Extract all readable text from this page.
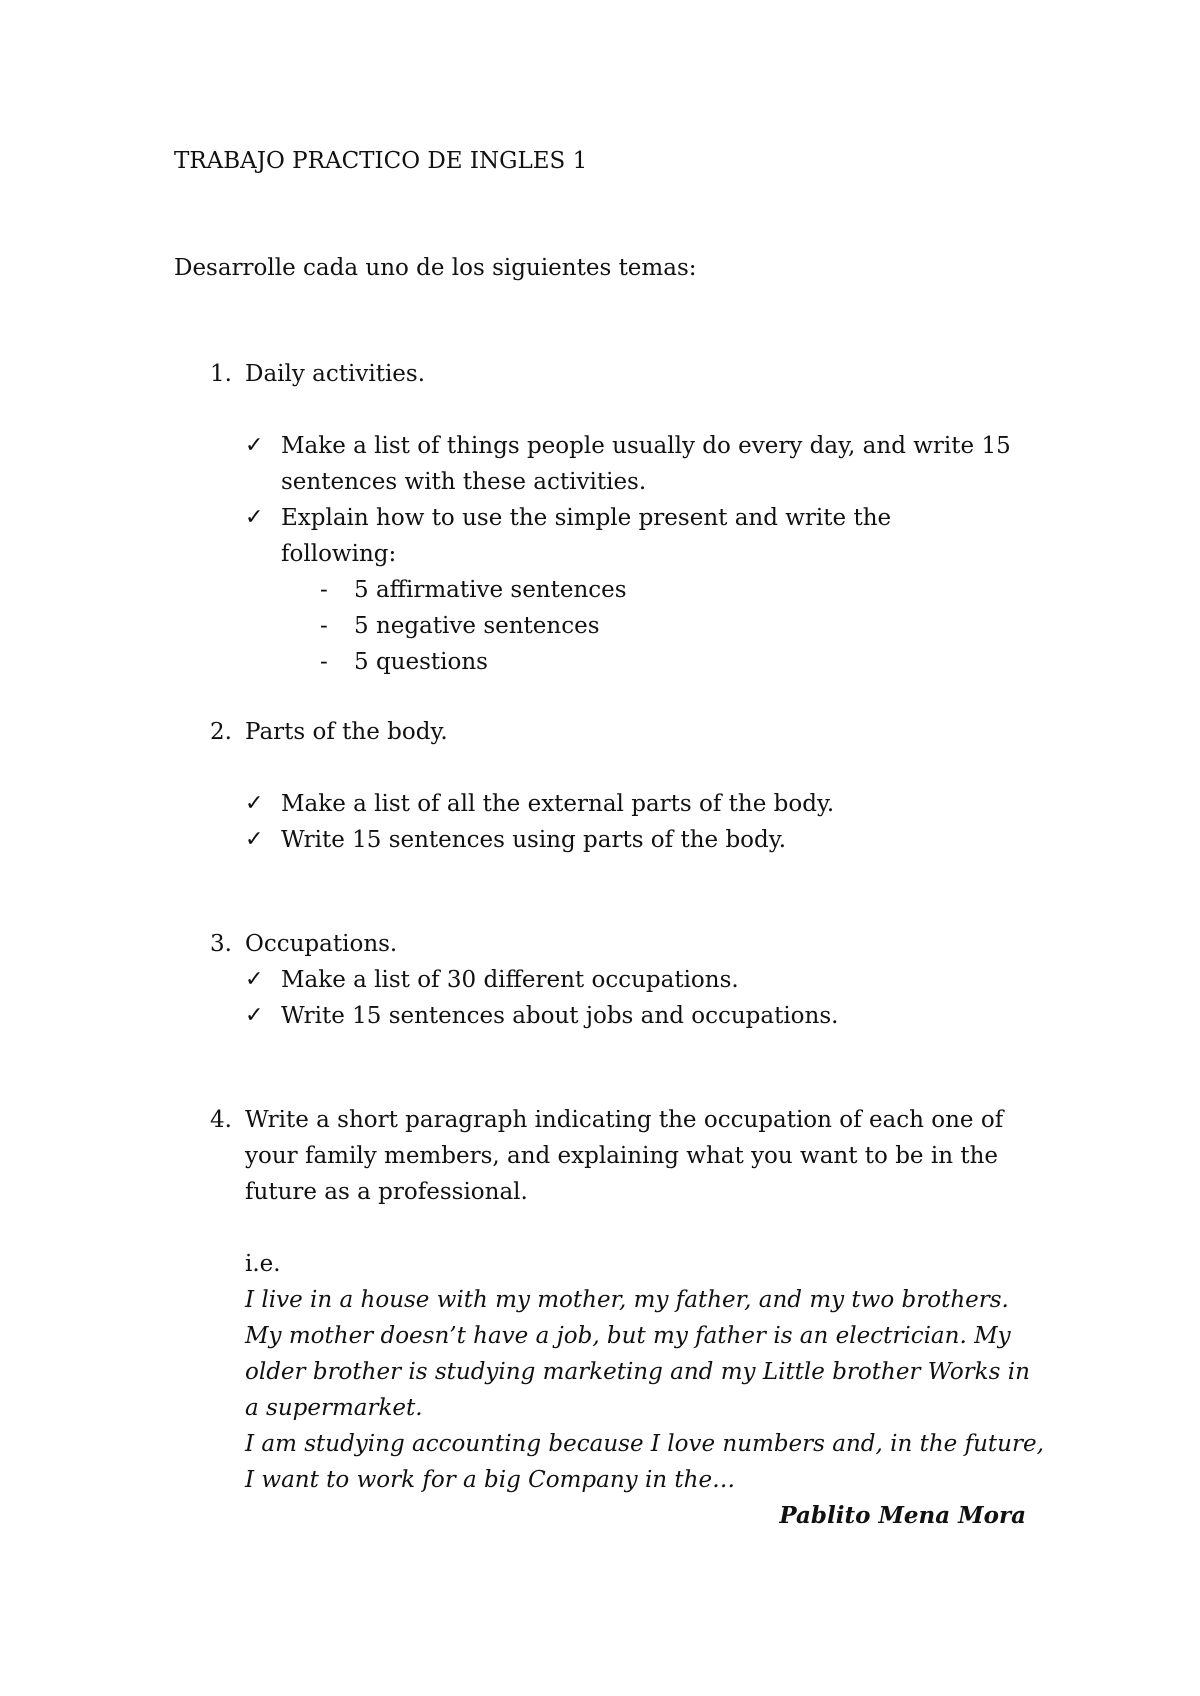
TRABAJO PRACTICO DE INGLES 1
Desarrolle cada uno de los siguientes temas:
1. Daily activities.
✓ Make a list of things people usually do every day, and write 15
sentences with these activities.
✓ Explain how to use the simple present and write the
following:
- 5 affirmative sentences
- 5 negative sentences
- 5 questions
2. Parts of the body.
✓ Make a list of all the external parts of the body.
✓ Write 15 sentences using parts of the body.
3. Occupations.
✓ Make a list of 30 different occupations.
✓ Write 15 sentences about jobs and occupations.
4. Write a short paragraph indicating the occupation of each one of
your family members, and explaining what you want to be in the
future as a professional.
i.e.
I live in a house with my mother, my father, and my two brothers.
My mother doesn’t have a job, but my father is an electrician. My
older brother is studying marketing and my Little brother Works in
a supermarket.
I am studying accounting because I love numbers and, in the future,
I want to work for a big Company in the…
Pablito Mena Mora
